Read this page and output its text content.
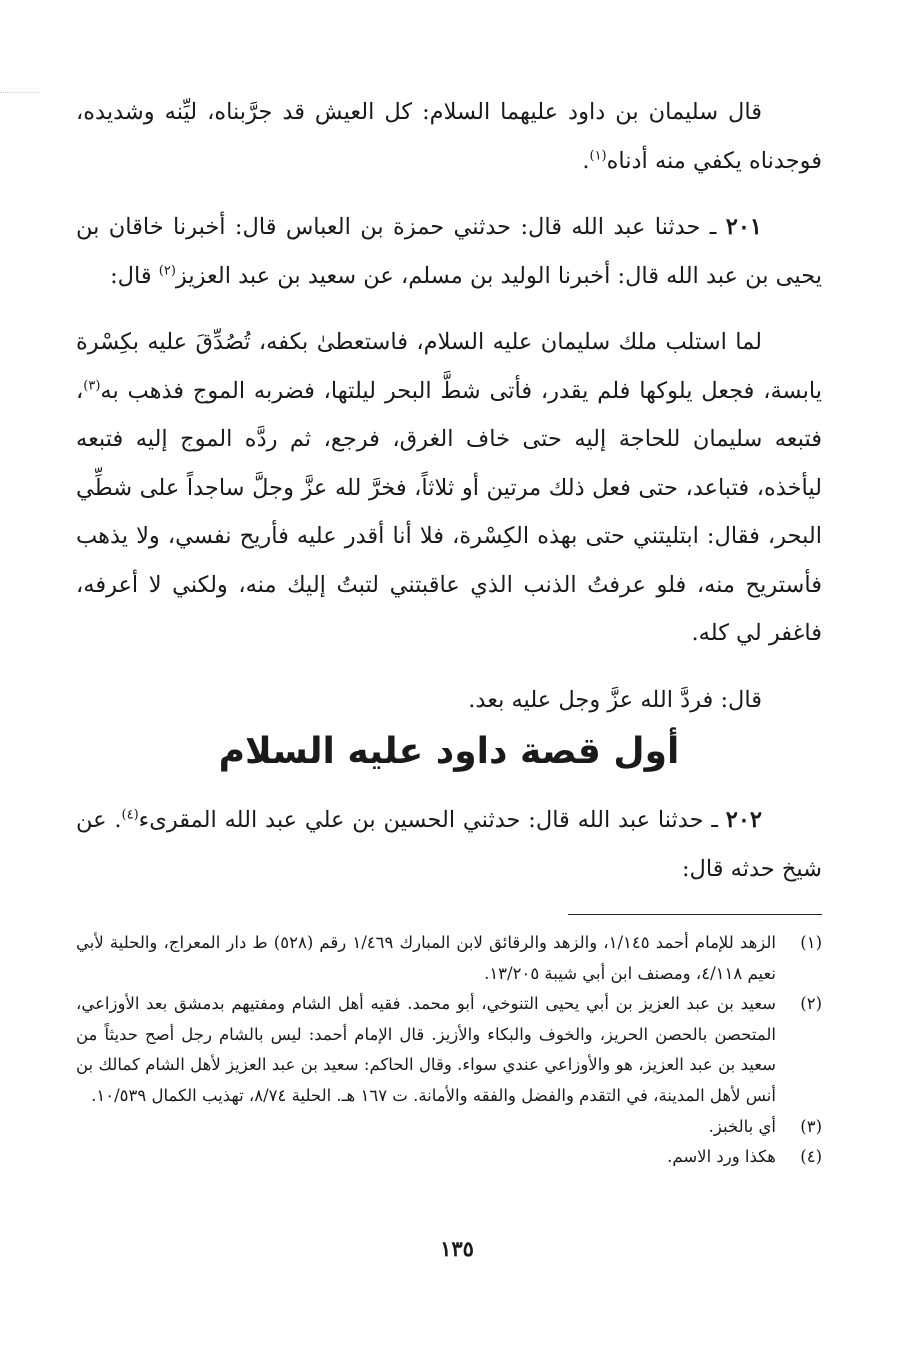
قال سليمان بن داود عليهما السلام: كل العيش قد جرَّبناه، ليِّنه وشديده، فوجدناه يكفي منه أدناه$^{(١)}$.

٢٠١ ـ حدثنا عبد الله قال: حدثني حمزة بن العباس قال: أخبرنا خاقان بن يحيى بن عبد الله قال: أخبرنا الوليد بن مسلم، عن سعيد بن عبد العزيز$^{(٢)}$ قال:

لما استلب ملك سليمان عليه السلام، فاستعطىٰ بكفه، تُصُدِّقَ عليه بكِسْرة يابسة، فجعل يلوكها فلم يقدر، فأتى شطَّ البحر ليلتها، فضربه الموج فذهب به$^{(٣)}$، فتبعه سليمان للحاجة إليه حتى خاف الغرق، فرجع، ثم ردَّه الموج إليه فتبعه ليأخذه، فتباعد، حتى فعل ذلك مرتين أو ثلاثاً، فخرَّ لله عزَّ وجلَّ ساجداً على شطِّي البحر، فقال: ابتليتني حتى بهذه الكِسْرة، فلا أنا أقدر عليه فأريح نفسي، ولا يذهب فأستريح منه، فلو عرفتُ الذنب الذي عاقبتني لتبتُ إليك منه، ولكني لا أعرفه، فاغفر لي كله.

قال: فردَّ الله عزَّ وجل عليه بعد.

أول قصة داود عليه السلام

٢٠٢ ـ حدثنا عبد الله قال: حدثني الحسين بن علي عبد الله المقرىء$^{(٤)}$. عن شيخ حدثه قال:

(١)
الزهد للإمام أحمد ١/١٤٥، والزهد والرقائق لابن المبارك ١/٤٦٩ رقم (٥٢٨) ط دار المعراج، والحلية لأبي نعيم ٤/١١٨، ومصنف ابن أبي شيبة ١٣/٢٠٥.
(٢)
سعيد بن عبد العزيز بن أبي يحيى التنوخي، أبو محمد. فقيه أهل الشام ومفتيهم بدمشق بعد الأوزاعي، المتحصن بالحصن الحريز، والخوف والبكاء والأزيز. قال الإمام أحمد: ليس بالشام رجل أصح حديثاً من سعيد بن عبد العزيز، هو والأوزاعي عندي سواء. وقال الحاكم: سعيد بن عبد العزيز لأهل الشام كمالك بن أنس لأهل المدينة، في التقدم والفضل والفقه والأمانة. ت ١٦٧ هـ. الحلية ٨/٧٤، تهذيب الكمال ١٠/٥٣٩.
(٣)
أي بالخبز.
(٤)
هكذا ورد الاسم.
١٣٥
